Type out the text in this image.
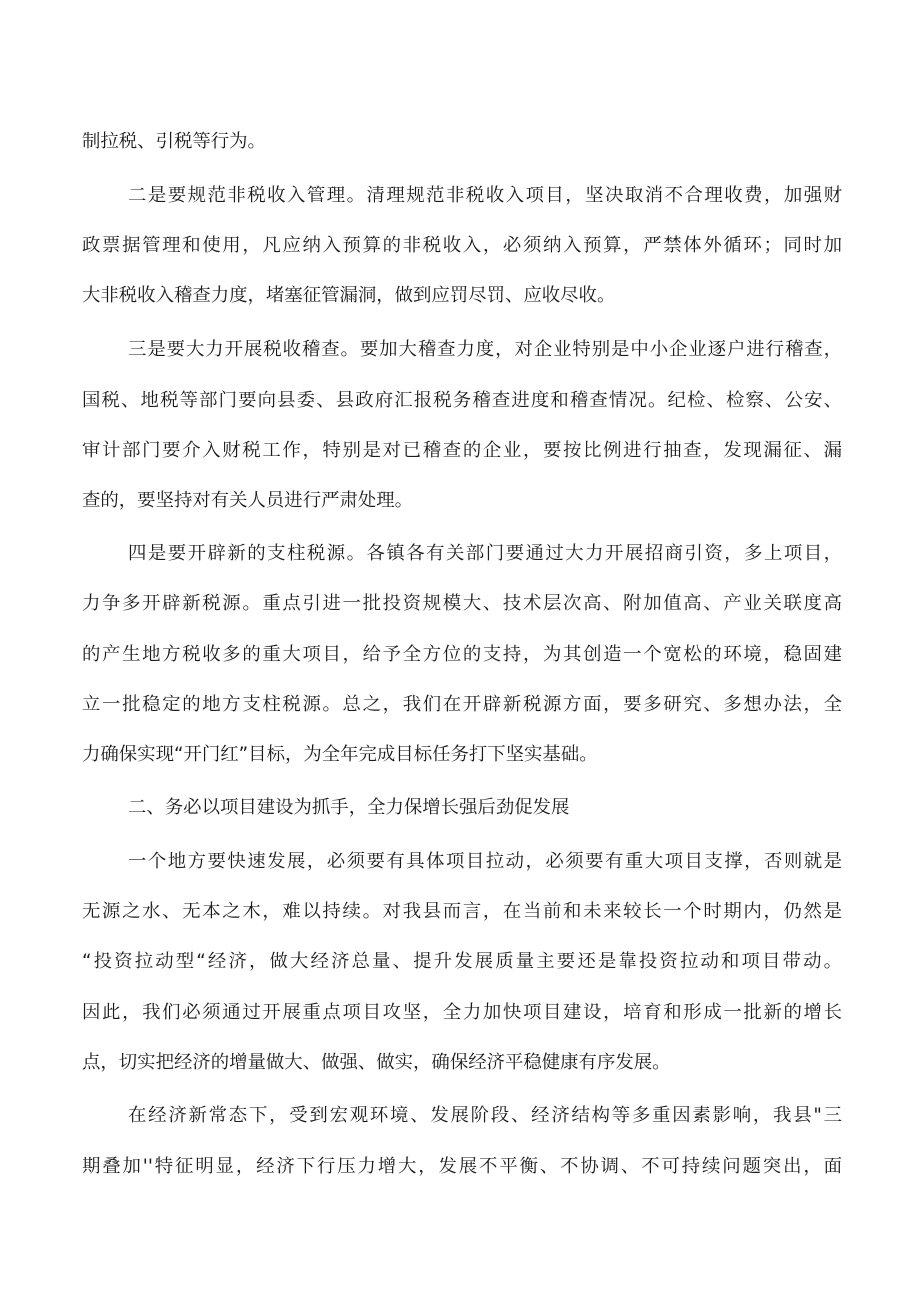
制拉税、引税等行为。
二是要规范非税收入管理。清理规范非税收入项目，坚决取消不合理收费，加强财
政票据管理和使用，凡应纳入预算的非税收入，必须纳入预算，严禁体外循环；同时加
大非税收入稽查力度，堵塞征管漏洞，做到应罚尽罚、应收尽收。
三是要大力开展税收稽查。要加大稽查力度，对企业特别是中小企业逐户进行稽查，
国税、地税等部门要向县委、县政府汇报税务稽查进度和稽查情况。纪检、检察、公安、
审计部门要介入财税工作，特别是对已稽查的企业，要按比例进行抽查，发现漏征、漏
查的，要坚持对有关人员进行严肃处理。
四是要开辟新的支柱税源。各镇各有关部门要通过大力开展招商引资，多上项目，
力争多开辟新税源。重点引进一批投资规模大、技术层次高、附加值高、产业关联度高
的产生地方税收多的重大项目，给予全方位的支持，为其创造一个宽松的环境，稳固建
立一批稳定的地方支柱税源。总之，我们在开辟新税源方面，要多研究、多想办法，全
力确保实现“开门红”目标，为全年完成目标任务打下坚实基础。
二、务必以项目建设为抓手，全力保增长强后劲促发展
一个地方要快速发展，必须要有具体项目拉动，必须要有重大项目支撑，否则就是
无源之水、无本之木，难以持续。对我县而言，在当前和未来较长一个时期内，仍然是
“投资拉动型“经济，做大经济总量、提升发展质量主要还是靠投资拉动和项目带动。
因此，我们必须通过开展重点项目攻坚，全力加快项目建设，培育和形成一批新的增长
点，切实把经济的增量做大、做强、做实，确保经济平稳健康有序发展。
在经济新常态下，受到宏观环境、发展阶段、经济结构等多重因素影响，我县"三
期叠加''特征明显，经济下行压力增大，发展不平衡、不协调、不可持续问题突出，面
